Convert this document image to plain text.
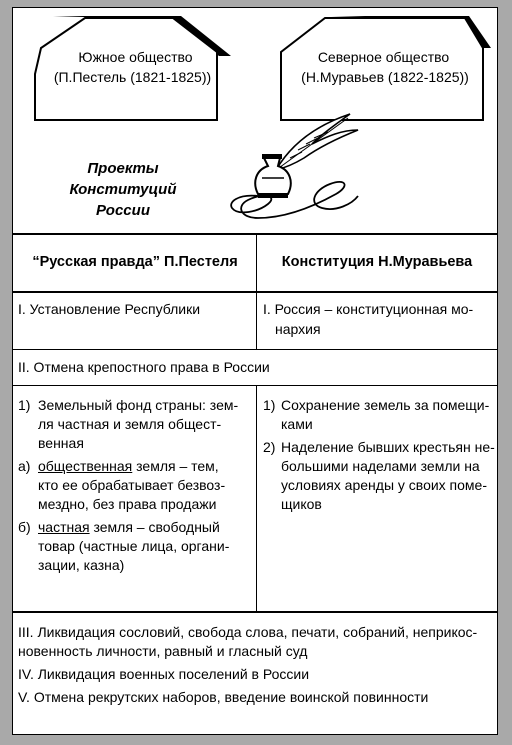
Южное общество
(П.Пестель (1821-1825))
Северное общество
(Н.Муравьев (1822-1825))
Проекты
Конституций
России
“Русская правда” П.Пестеля	Конституция Н.Муравьева
I. Установление Республики	I. Россия – конституционная мо-
нархия
II. Отмена крепостного права в России
1) Земельный фонд страны: зем-
ля частная и земля общест-
венная
а) общественная земля – тем,
кто ее обрабатывает безвоз-
мездно, без права продажи
б) частная земля – свободный
товар (частные лица, органи-
зации, казна)
1) Сохранение земель за помещи-
ками
2) Наделение бывших крестьян не-
большими наделами земли на
условиях аренды у своих поме-
щиков
III. Ликвидация сословий, свобода слова, печати, собраний, неприкос-
новенность личности, равный и гласный суд
IV. Ликвидация военных поселений в России
V. Отмена рекрутских наборов, введение воинской повинности
